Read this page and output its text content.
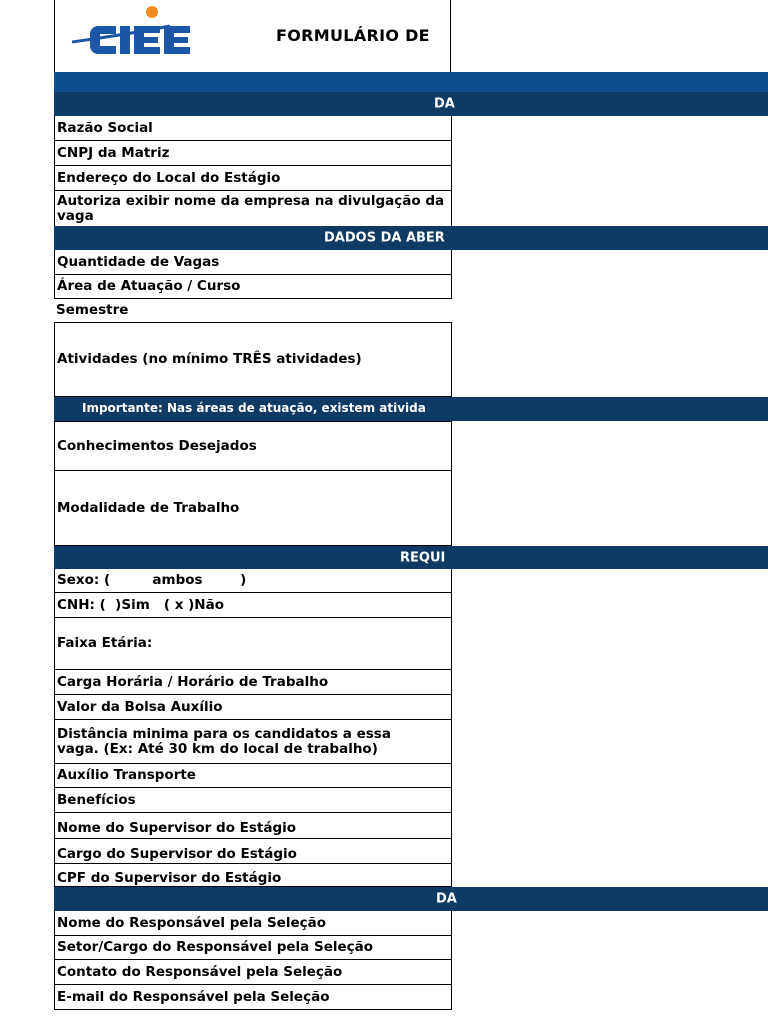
FORMULÁRIO DE
DA
Razão Social
CNPJ da Matriz
Endereço do Local do Estágio
Autoriza exibir nome da empresa na divulgação da vaga
DADOS DA ABER
Quantidade de Vagas
Área de Atuação / Curso
Semestre
Atividades (no mínimo TRÊS atividades)
Importante: Nas áreas de atuação, existem ativida
Conhecimentos Desejados
Modalidade de Trabalho
REQUI
Sexo: (         ambos        )
CNH: (  )Sim   ( x )Não
Faixa Etária:
Carga Horária / Horário de Trabalho
Valor da Bolsa Auxílio
Distância minima para os candidatos a essa vaga. (Ex: Até 30 km do local de trabalho)
Auxílio Transporte
Benefícios
Nome do Supervisor do Estágio
Cargo do Supervisor do Estágio
CPF do Supervisor do Estágio
DA
Nome do Responsável pela Seleção
Setor/Cargo do Responsável pela Seleção
Contato do Responsável pela Seleção
E-mail do Responsável pela Seleção
